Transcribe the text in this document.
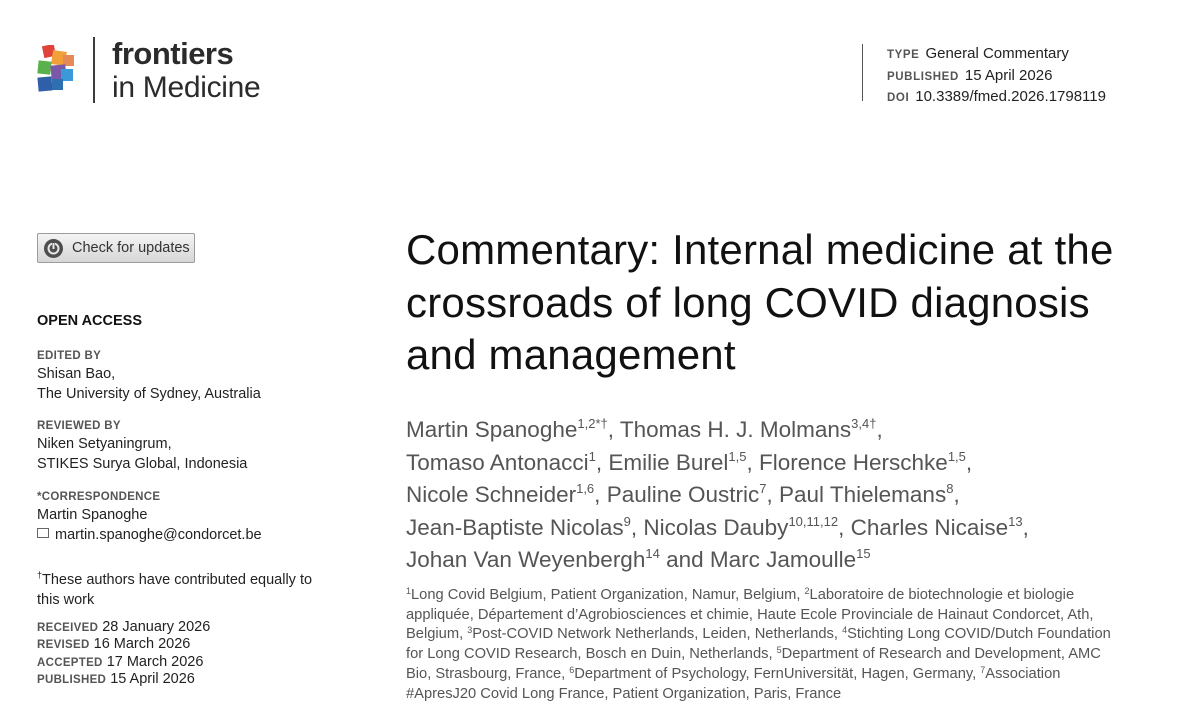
frontiers
in Medicine
TYPE General Commentary
PUBLISHED 15 April 2026
DOI 10.3389/fmed.2026.1798119
Check for updates
OPEN ACCESS
EDITED BY
Shisan Bao,
The University of Sydney, Australia
REVIEWED BY
Niken Setyaningrum,
STIKES Surya Global, Indonesia
*CORRESPONDENCE
Martin Spanoghe
martin.spanoghe@condorcet.be
†These authors have contributed equally to this work
RECEIVED 28 January 2026
REVISED 16 March 2026
ACCEPTED 17 March 2026
PUBLISHED 15 April 2026
Commentary: Internal medicine at the crossroads of long COVID diagnosis and management
Martin Spanoghe$^{1,2*\dagger}$, Thomas H. J. Molmans$^{3,4\dagger}$,
Tomaso Antonacci$^1$, Emilie Burel$^{1,5}$, Florence Herschke$^{1,5}$,
Nicole Schneider$^{1,6}$, Pauline Oustric$^7$, Paul Thielemans$^8$,
Jean-Baptiste Nicolas$^9$, Nicolas Dauby$^{10,11,12}$, Charles Nicaise$^{13}$,
Johan Van Weyenbergh$^{14}$ and Marc Jamoulle$^{15}$
$^1$Long Covid Belgium, Patient Organization, Namur, Belgium, $^2$Laboratoire de biotechnologie et biologie appliquée, Département d’Agrobiosciences et chimie, Haute Ecole Provinciale de Hainaut Condorcet, Ath, Belgium, $^3$Post-COVID Network Netherlands, Leiden, Netherlands, $^4$Stichting Long COVID/Dutch Foundation for Long COVID Research, Bosch en Duin, Netherlands, $^5$Department of Research and Development, AMC Bio, Strasbourg, France, $^6$Department of Psychology, FernUniversität, Hagen, Germany, $^7$Association #ApresJ20 Covid Long France, Patient Organization, Paris, France
